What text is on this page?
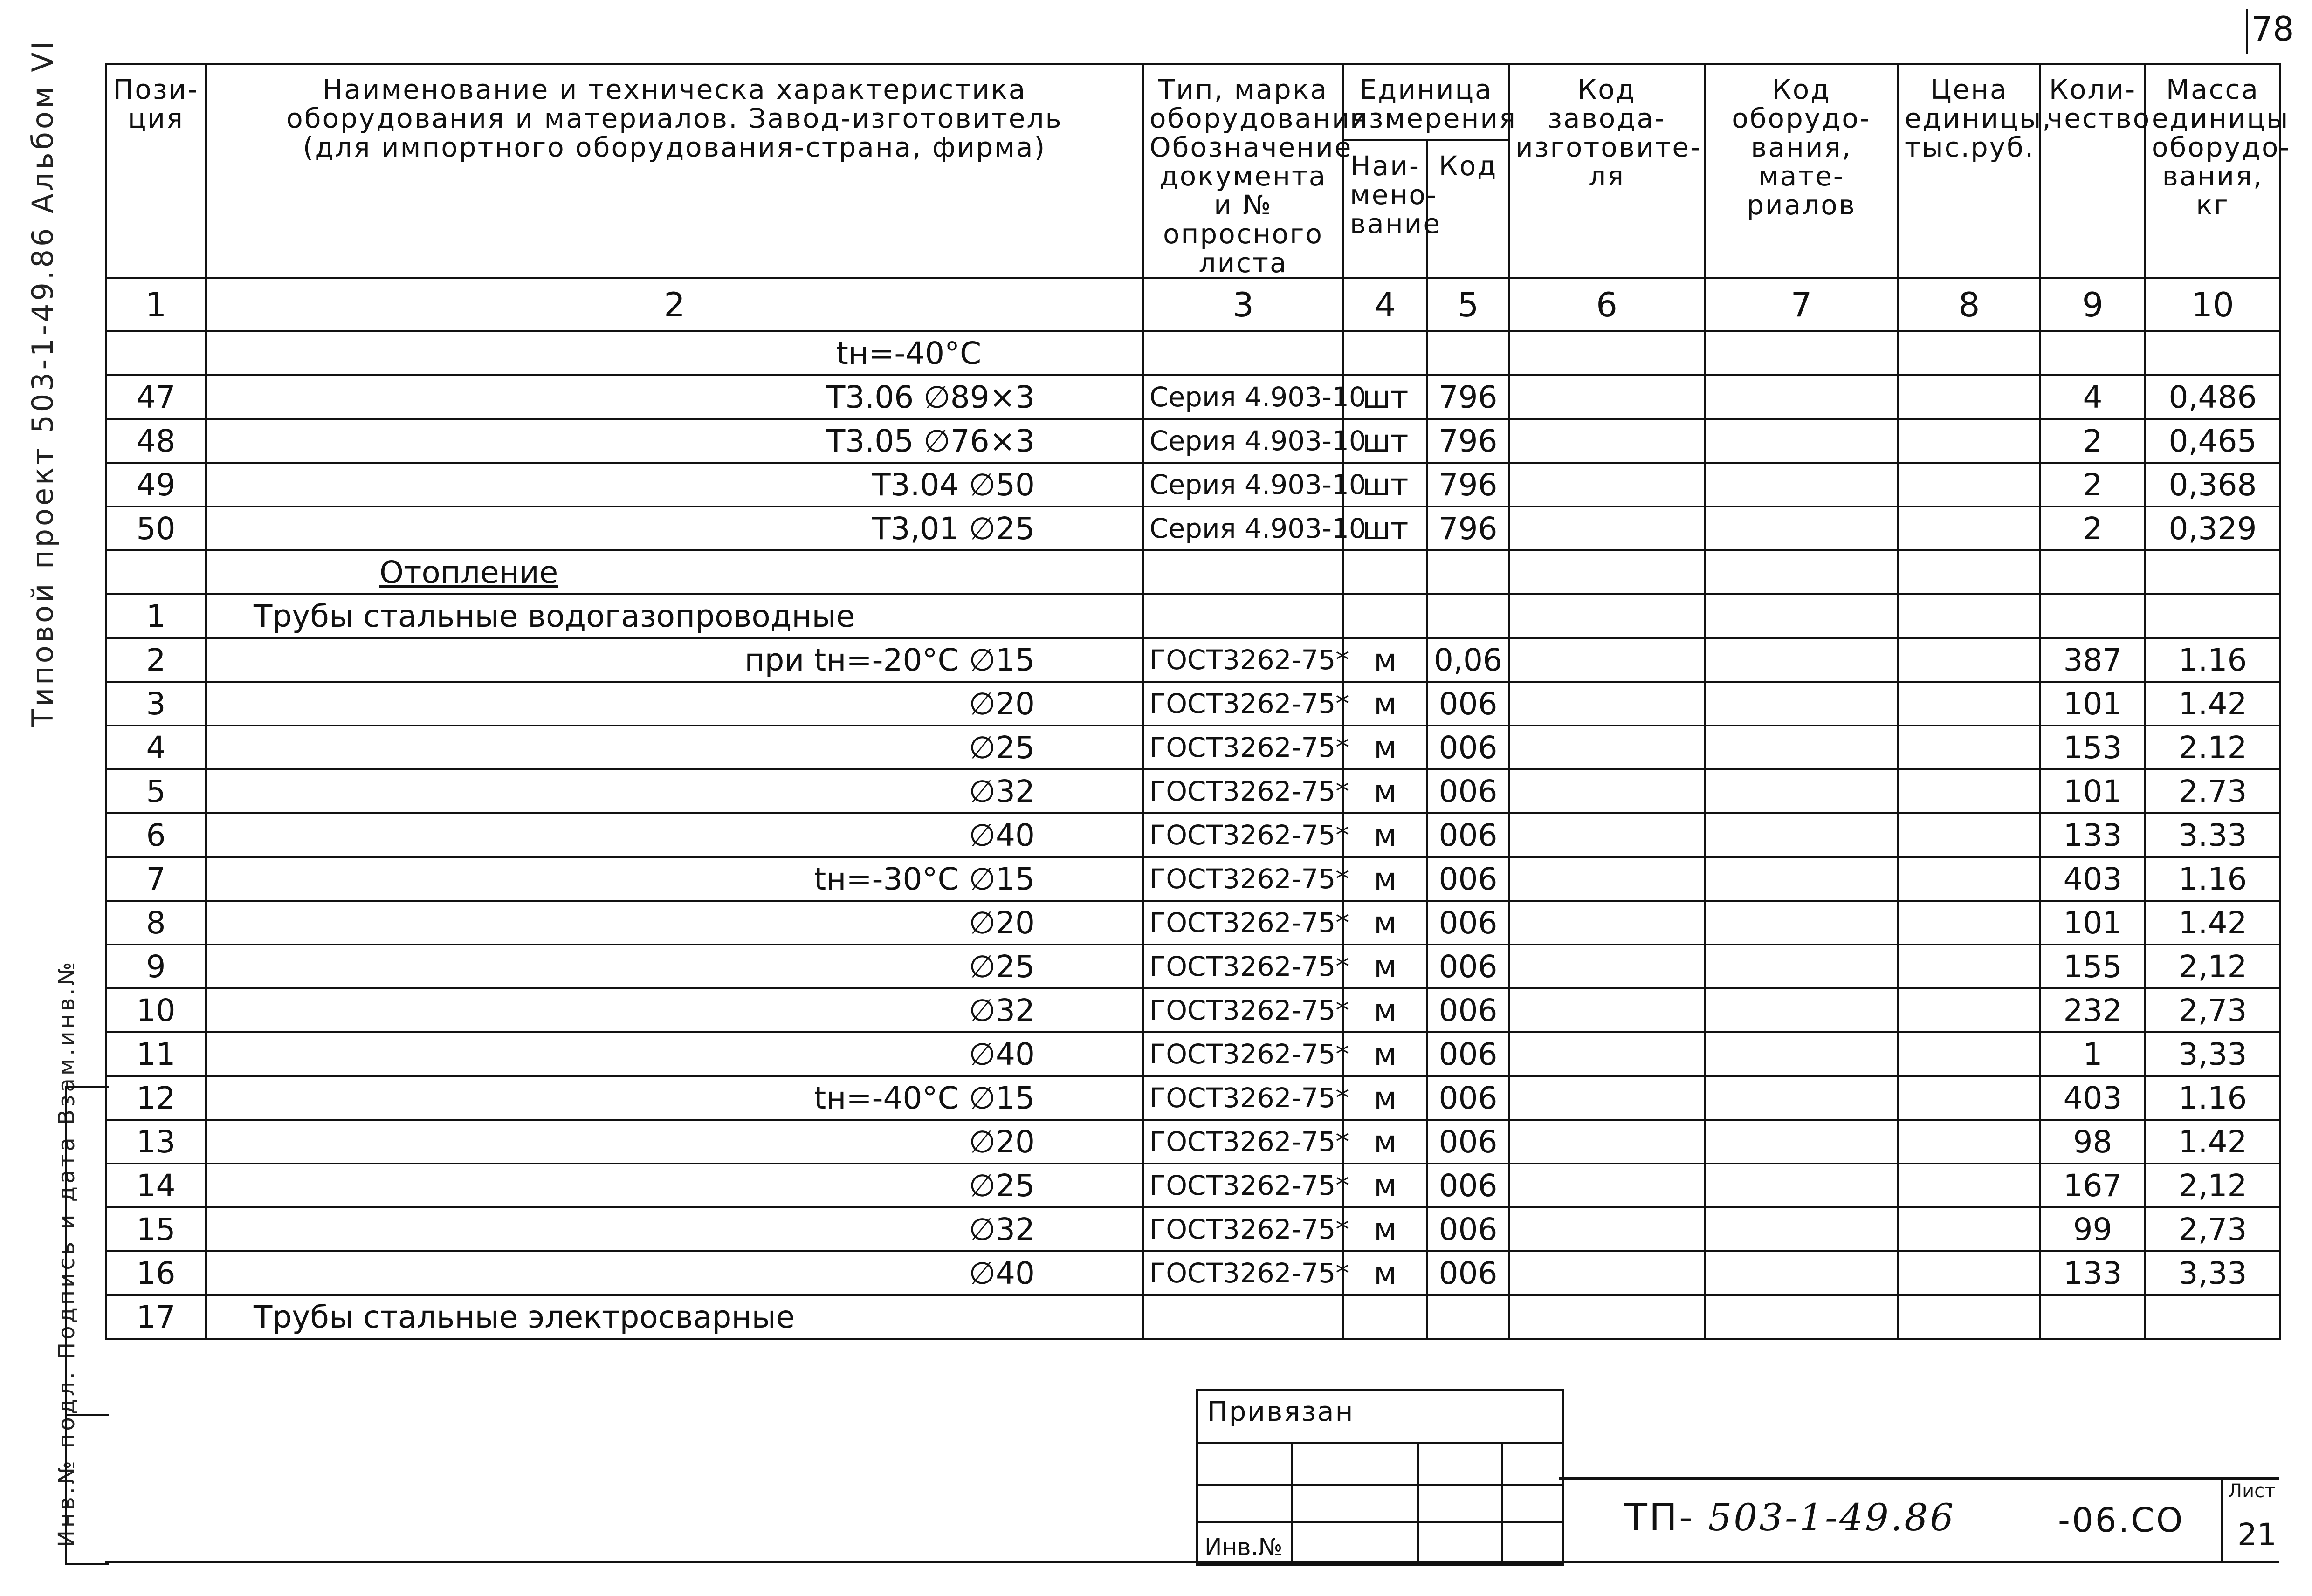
78
Типовой проект 503-1-49.86 Альбом VI
Инв.№ подл. Подпись и дата Взам.инв.№
Пози-ция	Наименование и техническа характеристика оборудования и материалов. Завод-изготовитель (для импортного оборудования-страна, фирма)	Тип, марка оборудования Обозначение документа и № опросного листа	Единица измерения		Код завода-изготовите-ля	Код оборудо-вания, мате-риалов	Цена единицы, тыс.руб.	Коли-чество	Масса единицы оборудо-вания, кг
			Наи-мено-вание	Код					
1	2	3	4	5	6	7	8	9	10
	tн=-40°С								
47	Т3.06 ∅89×3	Серия 4.903-10	шт	796				4	0,486
48	Т3.05 ∅76×3	Серия 4.903-10	шт	796				2	0,465
49	Т3.04 ∅50	Серия 4.903-10	шт	796				2	0,368
50	Т3,01 ∅25	Серия 4.903-10	шт	796				2	0,329
	Отопление								
1	Трубы стальные водогазопроводные								
2	при tн=-20°С ∅15	ГОСТ3262-75*	м	0,06				387	1.16
3	∅20	ГОСТ3262-75*	м	006				101	1.42
4	∅25	ГОСТ3262-75*	м	006				153	2.12
5	∅32	ГОСТ3262-75*	м	006				101	2.73
6	∅40	ГОСТ3262-75*	м	006				133	3.33
7	tн=-30°С ∅15	ГОСТ3262-75*	м	006				403	1.16
8	∅20	ГОСТ3262-75*	м	006				101	1.42
9	∅25	ГОСТ3262-75*	м	006				155	2,12
10	∅32	ГОСТ3262-75*	м	006				232	2,73
11	∅40	ГОСТ3262-75*	м	006				1	3,33
12	tн=-40°С ∅15	ГОСТ3262-75*	м	006				403	1.16
13	∅20	ГОСТ3262-75*	м	006				98	1.42
14	∅25	ГОСТ3262-75*	м	006				167	2,12
15	∅32	ГОСТ3262-75*	м	006				99	2,73
16	∅40	ГОСТ3262-75*	м	006				133	3,33
17	Трубы стальные электросварные								
Привязан
Инв.№
ТП- 503-1-49.86	-06.СО
Лист
21
